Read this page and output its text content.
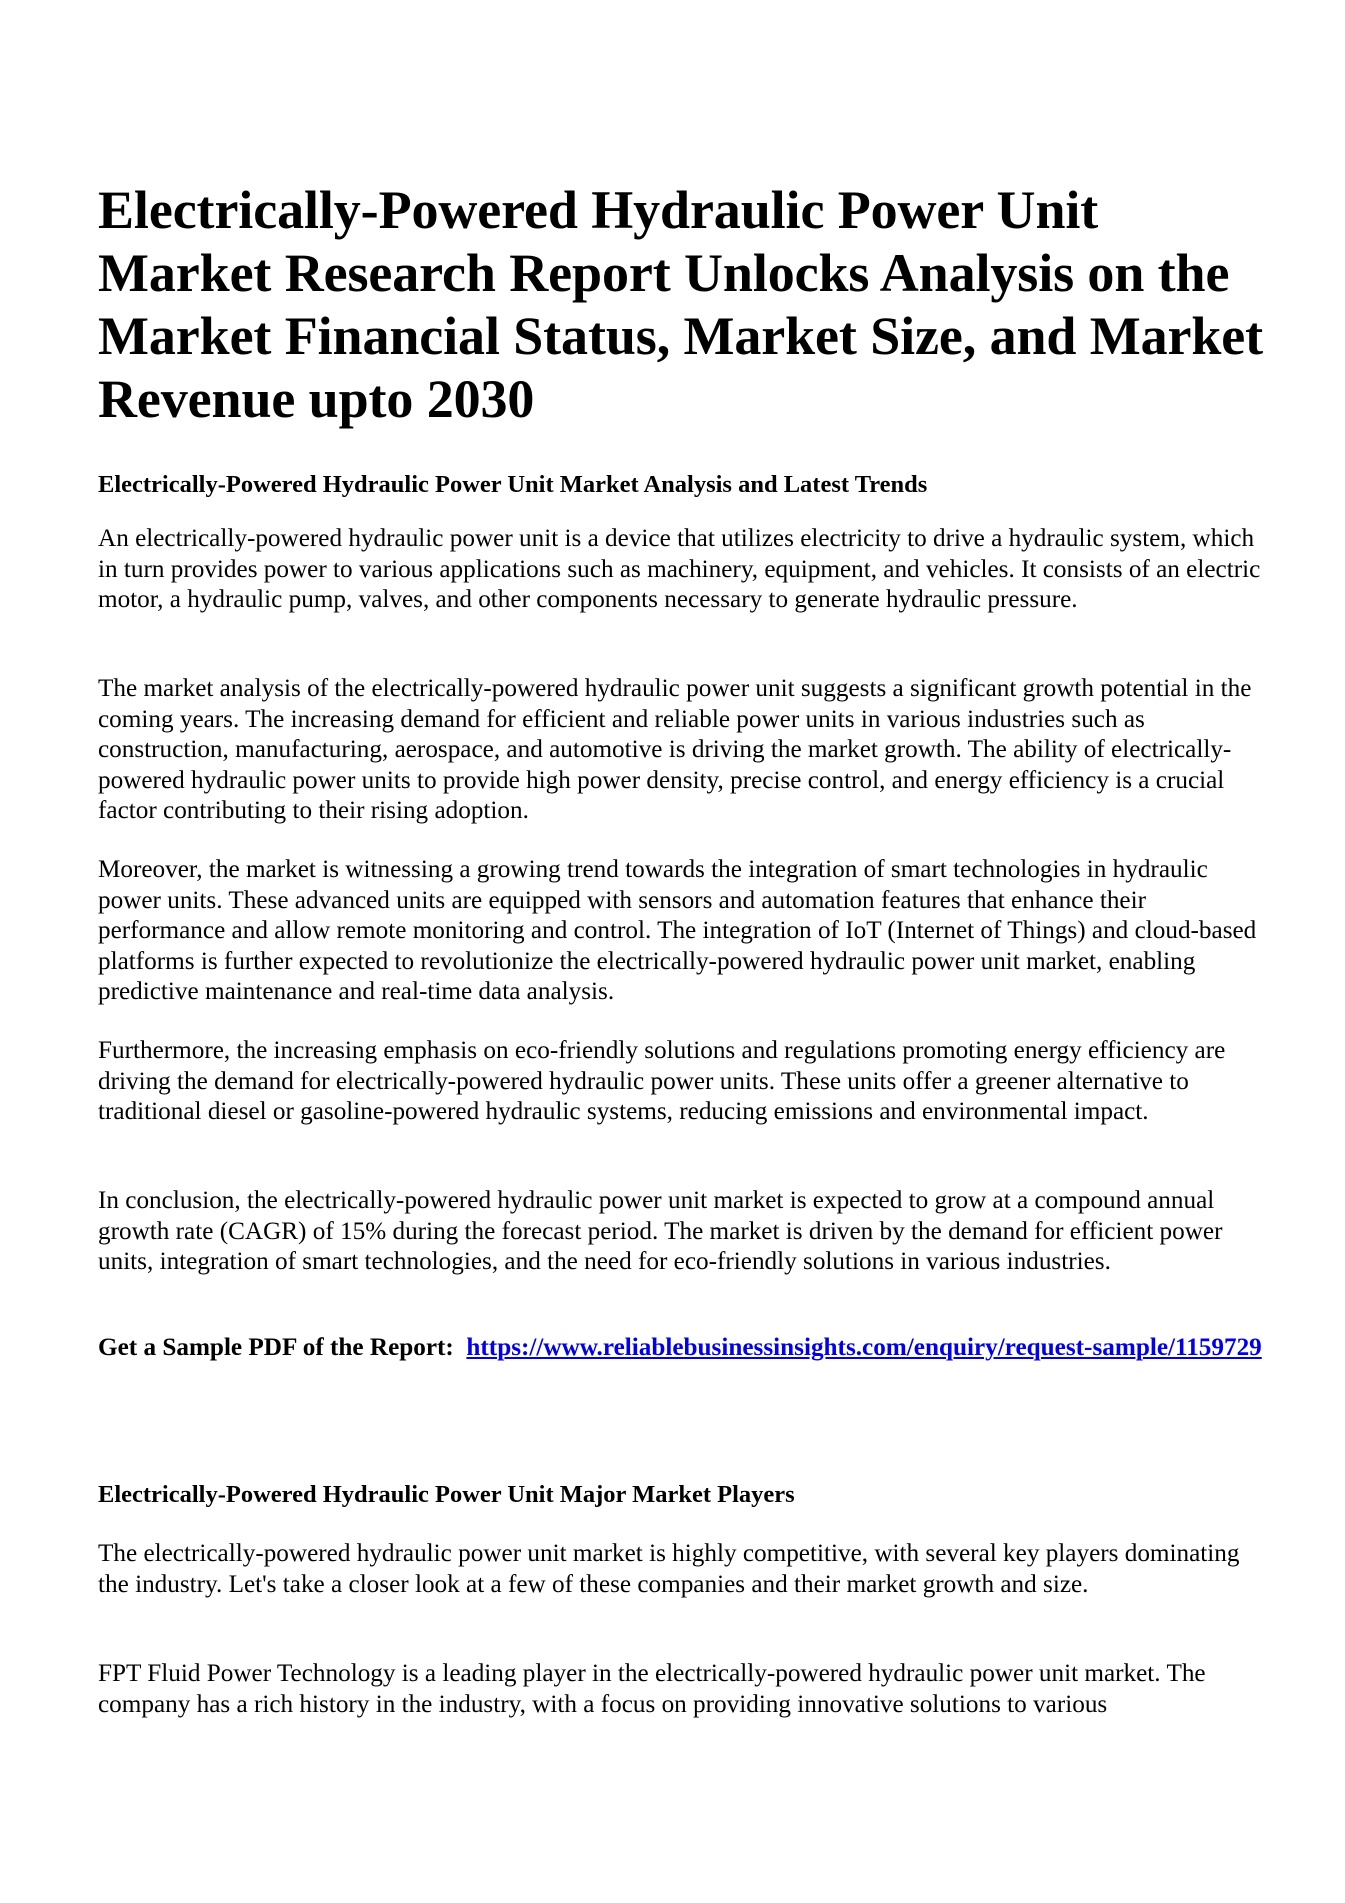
Electrically-Powered Hydraulic Power Unit Market Research Report Unlocks Analysis on the Market Financial Status, Market Size, and Market Revenue upto 2030
Electrically-Powered Hydraulic Power Unit Market Analysis and Latest Trends

An electrically-powered hydraulic power unit is a device that utilizes electricity to drive a hydraulic system, which in turn provides power to various applications such as machinery, equipment, and vehicles. It consists of an electric motor, a hydraulic pump, valves, and other components necessary to generate hydraulic pressure.

The market analysis of the electrically-powered hydraulic power unit suggests a significant growth potential in the coming years. The increasing demand for efficient and reliable power units in various industries such as construction, manufacturing, aerospace, and automotive is driving the market growth. The ability of electrically-powered hydraulic power units to provide high power density, precise control, and energy efficiency is a crucial factor contributing to their rising adoption.

Moreover, the market is witnessing a growing trend towards the integration of smart technologies in hydraulic power units. These advanced units are equipped with sensors and automation features that enhance their performance and allow remote monitoring and control. The integration of IoT (Internet of Things) and cloud-based platforms is further expected to revolutionize the electrically-powered hydraulic power unit market, enabling predictive maintenance and real-time data analysis.

Furthermore, the increasing emphasis on eco-friendly solutions and regulations promoting energy efficiency are driving the demand for electrically-powered hydraulic power units. These units offer a greener alternative to traditional diesel or gasoline-powered hydraulic systems, reducing emissions and environmental impact.

In conclusion, the electrically-powered hydraulic power unit market is expected to grow at a compound annual growth rate (CAGR) of 15% during the forecast period. The market is driven by the demand for efficient power units, integration of smart technologies, and the need for eco-friendly solutions in various industries.

Get a Sample PDF of the Report: https://www.reliablebusinessinsights.com/enquiry/request-sample/1159729

Electrically-Powered Hydraulic Power Unit Major Market Players

The electrically-powered hydraulic power unit market is highly competitive, with several key players dominating the industry. Let's take a closer look at a few of these companies and their market growth and size.

FPT Fluid Power Technology is a leading player in the electrically-powered hydraulic power unit market. The company has a rich history in the industry, with a focus on providing innovative solutions to various
